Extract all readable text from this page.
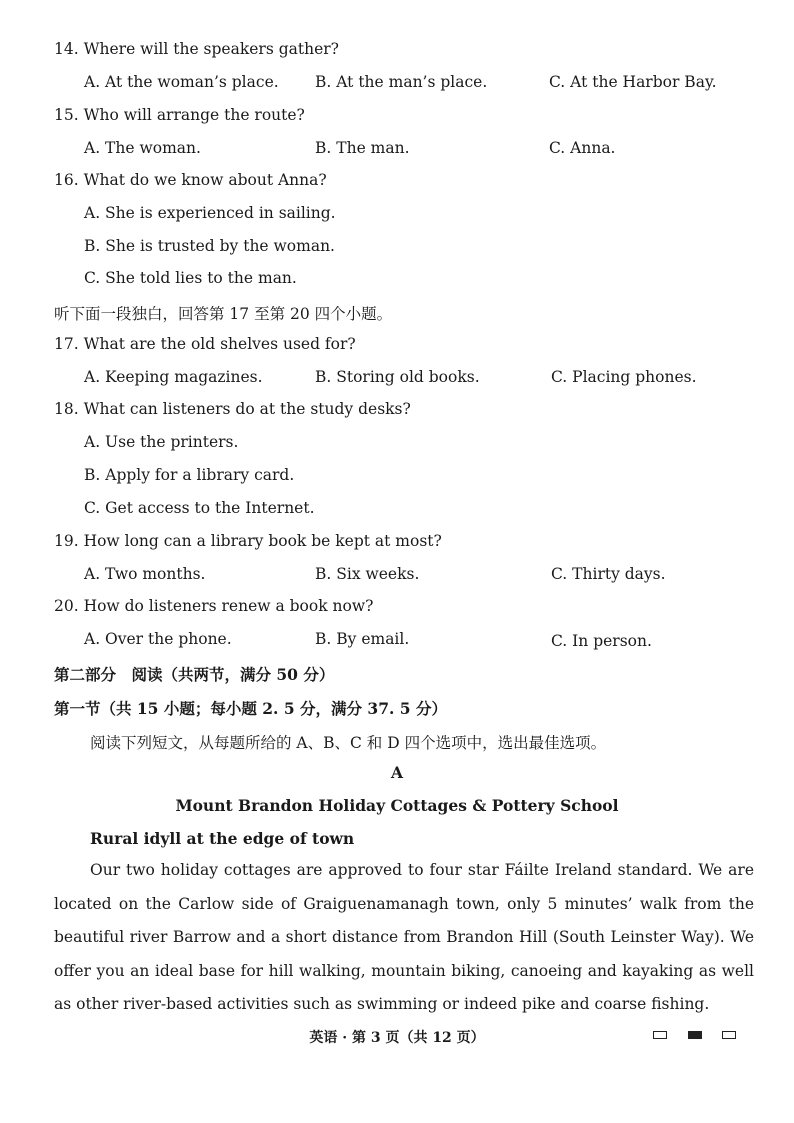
14. Where will the speakers gather?
A. At the woman’s place. B. At the man’s place.	C. At the Harbor Bay.
15. Who will arrange the route?
A. The woman.	B. The man.	C. Anna.
16. What do we know about Anna?
A. She is experienced in sailing.
B. She is trusted by the woman.
C. She told lies to the man.
听下面一段独白，回答第 17 至第 20 四个小题。
17. What are the old shelves used for?
A. Keeping magazines.	B. Storing old books.	C. Placing phones.
18. What can listeners do at the study desks?
A. Use the printers.
B. Apply for a library card.
C. Get access to the Internet.
19. How long can a library book be kept at most?
A. Two months.	B. Six weeks.	C. Thirty days.
20. How do listeners renew a book now?
A. Over the phone.	B. By email.	C. In person.
第二部分　阅读（共两节，满分 50 分）
第一节（共 15 小题；每小题 2. 5 分，满分 37. 5 分）
阅读下列短文，从每题所给的 A、B、C 和 D 四个选项中，选出最佳选项。
A
Mount Brandon Holiday Cottages & Pottery School
Rural idyll at the edge of town
Our two holiday cottages are approved to four star Fáilte Ireland standard. We are located on the Carlow side of Graiguenamanagh town, only 5 minutes’ walk from the beautiful river Barrow and a short distance from Brandon Hill (South Leinster Way). We offer you an ideal base for hill walking, mountain biking, canoeing and kayaking as well as other river-based activities such as swimming or indeed pike and coarse fishing.
英语 · 第 3 页（共 12 页）
